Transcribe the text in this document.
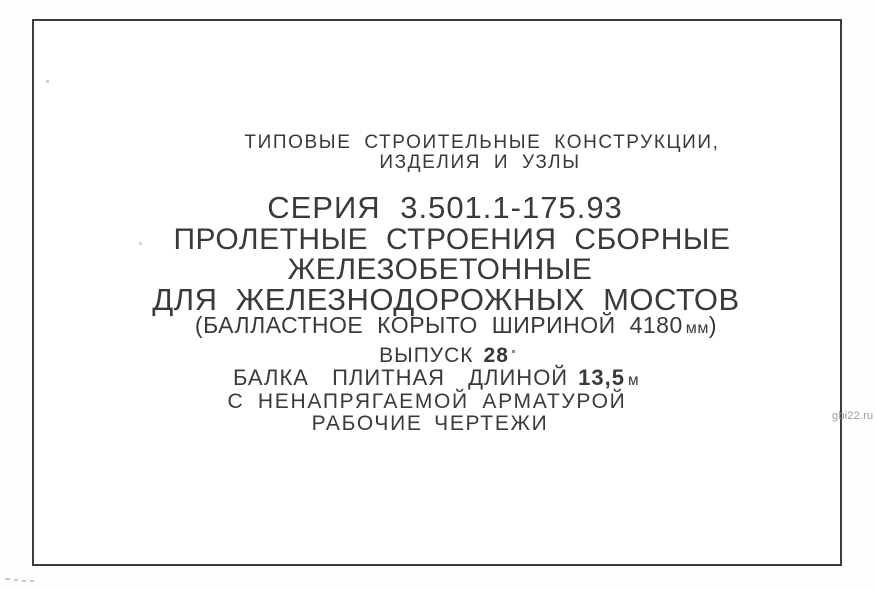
ТИПОВЫЕ СТРОИТЕЛЬНЫЕ КОНСТРУКЦИИ,
ИЗДЕЛИЯ И УЗЛЫ
СЕРИЯ 3.501.1-175.93
ПРОЛЕТНЫЕ СТРОЕНИЯ СБОРНЫЕ
ЖЕЛЕЗОБЕТОННЫЕ
ДЛЯ ЖЕЛЕЗНОДОРОЖНЫХ МОСТОВ
(БАЛЛАСТНОЕ КОРЫТО ШИРИНОЙ 4180 мм)
ВЫПУСК 28
БАЛКА ПЛИТНАЯ ДЛИНОЙ 13,5 м
С НЕНАПРЯГАЕМОЙ АРМАТУРОЙ
РАБОЧИЕ ЧЕРТЕЖИ	gbi22.ru
